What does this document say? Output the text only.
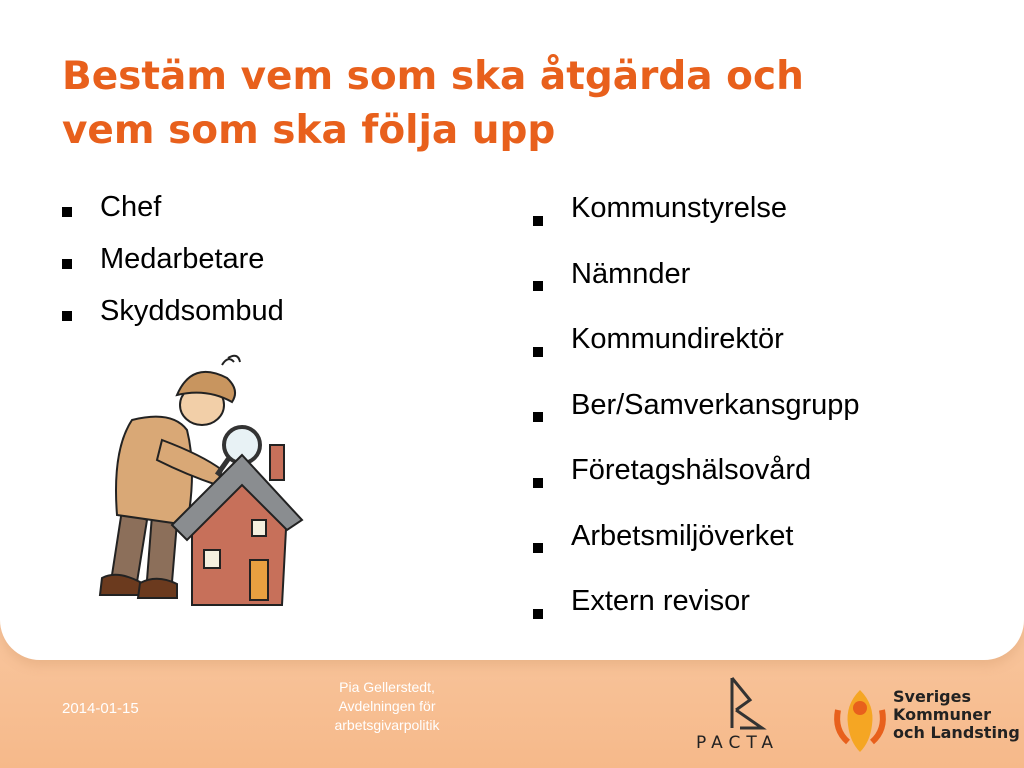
Bestäm vem som ska åtgärda och
vem som ska följa upp
Chef
Medarbetare
Skyddsombud
Kommunstyrelse
Nämnder
Kommundirektör
Ber/Samverkansgrupp
Företagshälsovård
Arbetsmiljöverket
Extern revisor
2014-01-15
Pia Gellerstedt,
Avdelningen för
arbetsgivarpolitik
PACTA
Sveriges
Kommuner
och Landsting
